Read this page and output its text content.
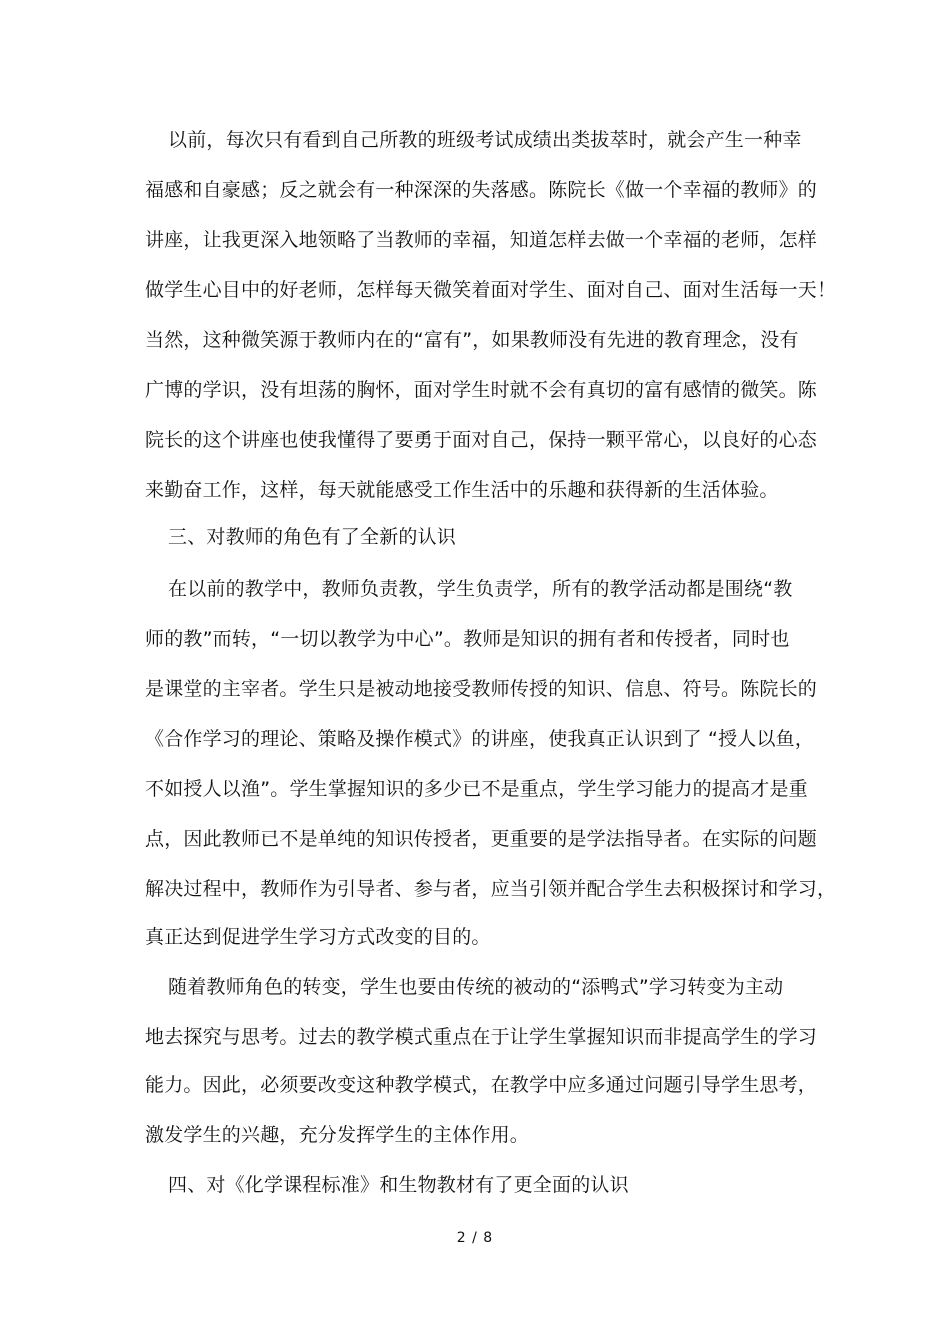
以前，每次只有看到自己所教的班级考试成绩出类拔萃时，就会产生一种幸
福感和自豪感；反之就会有一种深深的失落感。陈院长《做一个幸福的教师》的
讲座，让我更深入地领略了当教师的幸福，知道怎样去做一个幸福的老师，怎样
做学生心目中的好老师，怎样每天微笑着面对学生、面对自己、面对生活每一天！
当然，这种微笑源于教师内在的“富有”，如果教师没有先进的教育理念，没有
广博的学识，没有坦荡的胸怀，面对学生时就不会有真切的富有感情的微笑。陈
院长的这个讲座也使我懂得了要勇于面对自己，保持一颗平常心，以良好的心态
来勤奋工作，这样，每天就能感受工作生活中的乐趣和获得新的生活体验。
三、对教师的角色有了全新的认识
在以前的教学中，教师负责教，学生负责学，所有的教学活动都是围绕“教
师的教”而转，“一切以教学为中心”。教师是知识的拥有者和传授者，同时也
是课堂的主宰者。学生只是被动地接受教师传授的知识、信息、符号。陈院长的
《合作学习的理论、策略及操作模式》的讲座，使我真正认识到了 “授人以鱼，
不如授人以渔”。学生掌握知识的多少已不是重点，学生学习能力的提高才是重
点，因此教师已不是单纯的知识传授者，更重要的是学法指导者。在实际的问题
解决过程中，教师作为引导者、参与者，应当引领并配合学生去积极探讨和学习，
真正达到促进学生学习方式改变的目的。
随着教师角色的转变，学生也要由传统的被动的“添鸭式”学习转变为主动
地去探究与思考。过去的教学模式重点在于让学生掌握知识而非提高学生的学习
能力。因此，必须要改变这种教学模式，在教学中应多通过问题引导学生思考，
激发学生的兴趣，充分发挥学生的主体作用。
四、对《化学课程标准》和生物教材有了更全面的认识
2 / 8
